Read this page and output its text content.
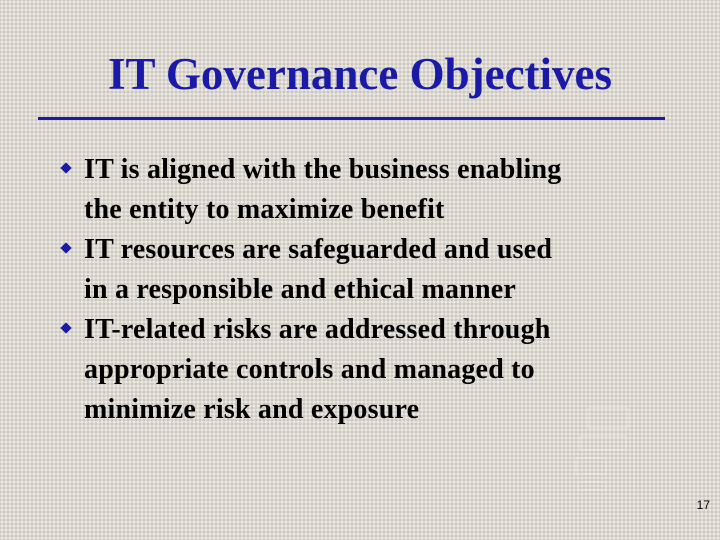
IT Governance Objectives
IT is aligned with the business enabling
the entity to maximize benefit
IT resources are safeguarded and used
in a responsible and ethical manner
IT-related risks are addressed through
appropriate controls and managed to
minimize risk and exposure
17
